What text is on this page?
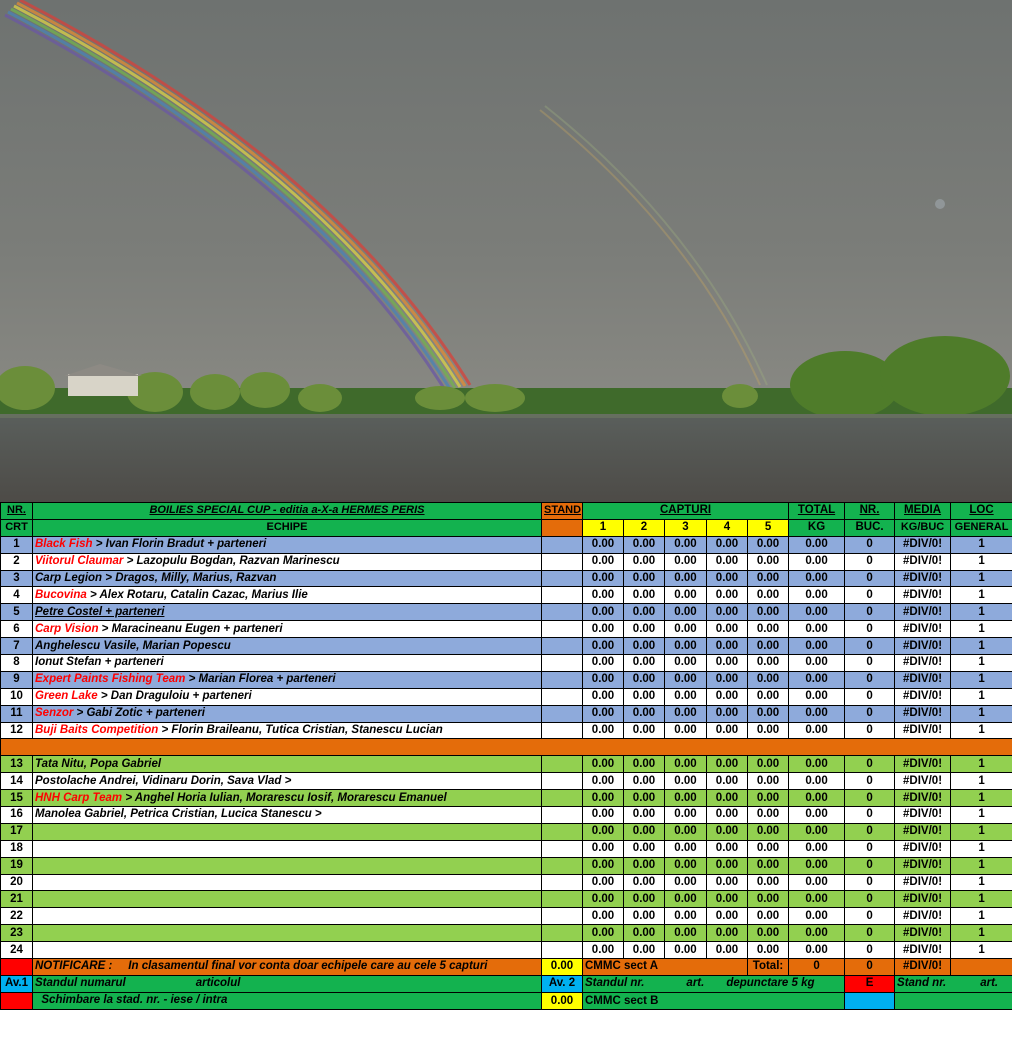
NR.	BOILIES SPECIAL CUP - editia a-X-a HERMES PERIS	STAND	CAPTURI					TOTAL	NR.	MEDIA	LOC
CRT	ECHIPE		1	2	3	4	5	KG	BUC.	KG/BUC	GENERAL
1	Black Fish > Ivan Florin Bradut + parteneri		0.00	0.00	0.00	0.00	0.00	0.00	0	#DIV/0!	1
2	Viitorul Claumar > Lazopulu Bogdan, Razvan Marinescu		0.00	0.00	0.00	0.00	0.00	0.00	0	#DIV/0!	1
3	Carp Legion > Dragos, Milly, Marius, Razvan		0.00	0.00	0.00	0.00	0.00	0.00	0	#DIV/0!	1
4	Bucovina > Alex Rotaru, Catalin Cazac, Marius Ilie		0.00	0.00	0.00	0.00	0.00	0.00	0	#DIV/0!	1
5	Petre Costel + parteneri		0.00	0.00	0.00	0.00	0.00	0.00	0	#DIV/0!	1
6	Carp Vision > Maracineanu Eugen + parteneri		0.00	0.00	0.00	0.00	0.00	0.00	0	#DIV/0!	1
7	Anghelescu Vasile, Marian Popescu		0.00	0.00	0.00	0.00	0.00	0.00	0	#DIV/0!	1
8	Ionut Stefan + parteneri		0.00	0.00	0.00	0.00	0.00	0.00	0	#DIV/0!	1
9	Expert Paints Fishing Team > Marian Florea + parteneri		0.00	0.00	0.00	0.00	0.00	0.00	0	#DIV/0!	1
10	Green Lake > Dan Draguloiu + parteneri		0.00	0.00	0.00	0.00	0.00	0.00	0	#DIV/0!	1
11	Senzor > Gabi Zotic + parteneri		0.00	0.00	0.00	0.00	0.00	0.00	0	#DIV/0!	1
12	Buji Baits Competition > Florin Braileanu, Tutica Cristian, Stanescu Lucian		0.00	0.00	0.00	0.00	0.00	0.00	0	#DIV/0!	1

13	Tata Nitu, Popa Gabriel		0.00	0.00	0.00	0.00	0.00	0.00	0	#DIV/0!	1
14	Postolache Andrei, Vidinaru Dorin, Sava Vlad >		0.00	0.00	0.00	0.00	0.00	0.00	0	#DIV/0!	1
15	HNH Carp Team > Anghel Horia Iulian, Morarescu Iosif, Morarescu Emanuel		0.00	0.00	0.00	0.00	0.00	0.00	0	#DIV/0!	1
16	Manolea Gabriel, Petrica Cristian, Lucica Stanescu >		0.00	0.00	0.00	0.00	0.00	0.00	0	#DIV/0!	1
17			0.00	0.00	0.00	0.00	0.00	0.00	0	#DIV/0!	1
18			0.00	0.00	0.00	0.00	0.00	0.00	0	#DIV/0!	1
19			0.00	0.00	0.00	0.00	0.00	0.00	0	#DIV/0!	1
20			0.00	0.00	0.00	0.00	0.00	0.00	0	#DIV/0!	1
21			0.00	0.00	0.00	0.00	0.00	0.00	0	#DIV/0!	1
22			0.00	0.00	0.00	0.00	0.00	0.00	0	#DIV/0!	1
23			0.00	0.00	0.00	0.00	0.00	0.00	0	#DIV/0!	1
24			0.00	0.00	0.00	0.00	0.00	0.00	0	#DIV/0!	1
	NOTIFICARE : In clasamentul final vor conta doar echipele care au cele 5 capturi	0.00	CMMC sect A				Total:	0	0	#DIV/0!	
Av.1	Standul numarul articolul	Av. 2	Standul nr. art. depunctare 5 kg						E	Stand nr. art.	
	Schimbare la stad. nr. - iese / intra	0.00	CMMC sect B								
